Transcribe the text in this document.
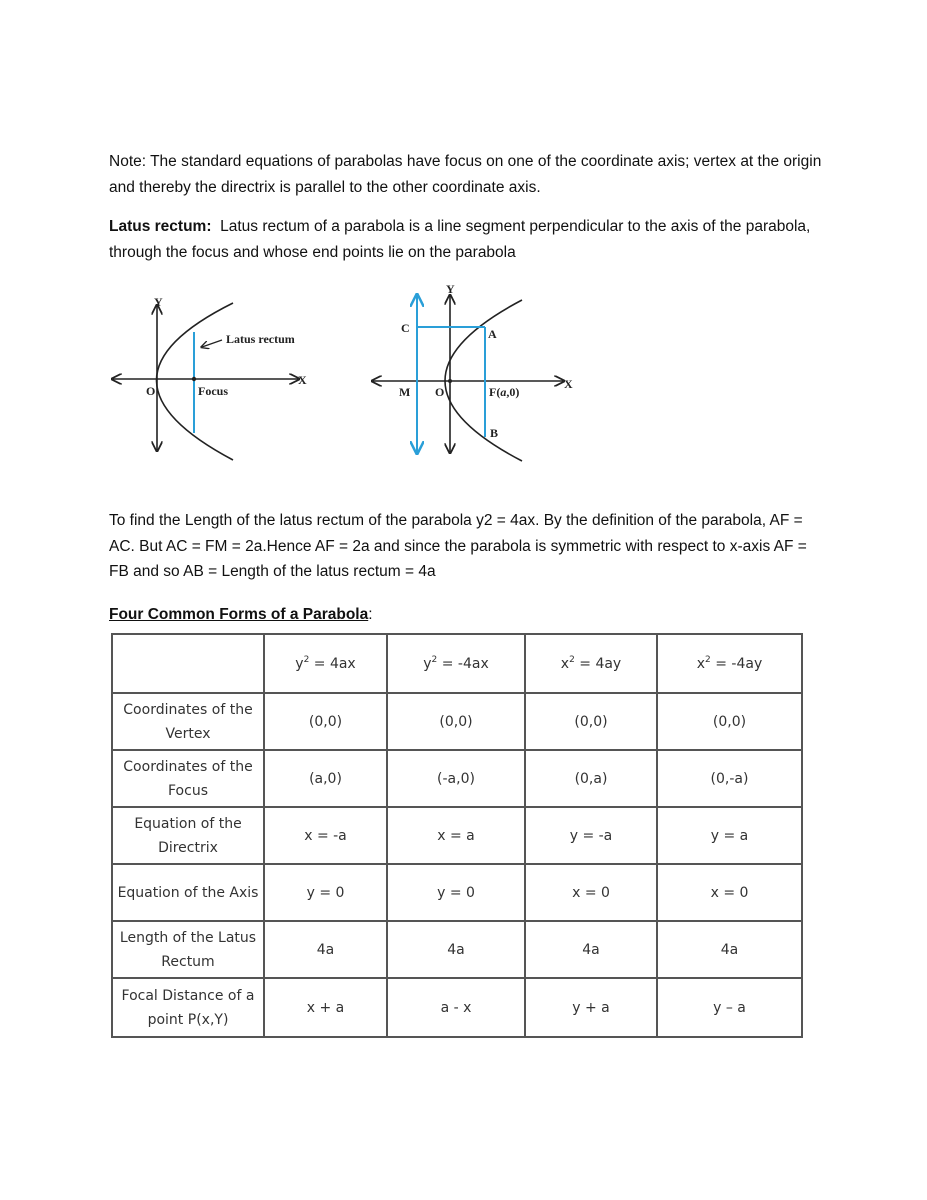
Note: The standard equations of parabolas have focus on one of the coordinate axis; vertex at the origin and thereby the directrix is parallel to the other coordinate axis.

Latus rectum: Latus rectum of a parabola is a line segment perpendicular to the axis of the parabola, through the focus and whose end points lie on the parabola

Y
X
O	Focus
Latus rectum
Y
X
C	A
M O	F(a,0)
B

To find the Length of the latus rectum of the parabola y2 = 4ax. By the definition of the parabola, AF = AC. But AC = FM = 2a.Hence AF = 2a and since the parabola is symmetric with respect to x-axis AF = FB and so AB = Length of the latus rectum = 4a

Four Common Forms of a Parabola:

	$y^2 = 4ax$	$y^2 = -4ax$	$x^2 = 4ay$	$x^2 = -4ay$
Coordinates of the Vertex	(0,0)	(0,0)	(0,0)	(0,0)
Coordinates of the Focus	(a,0)	(-a,0)	(0,a)	(0,-a)
Equation of the Directrix	x = -a	x = a	y = -a	y = a
Equation of the Axis	y = 0	y = 0	x = 0	x = 0
Length of the Latus Rectum	4a	4a	4a	4a
Focal Distance of a point P(x,Y)	x + a	a - x	y + a	y – a
